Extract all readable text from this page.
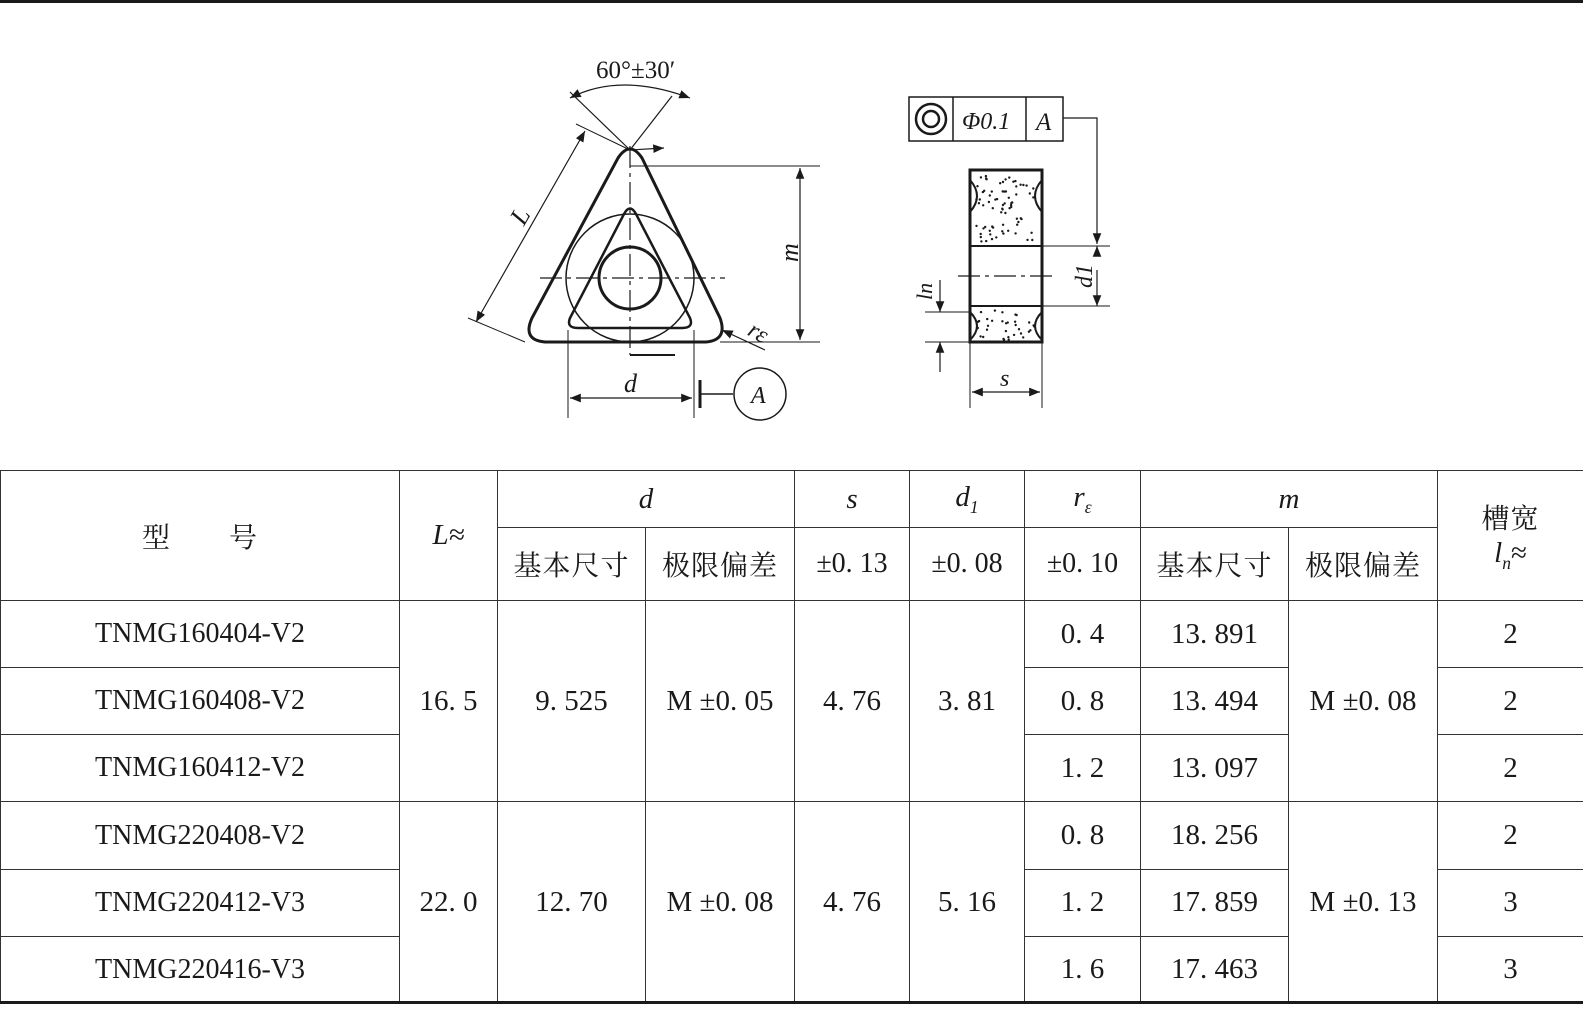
60°±30′
L
m
rε
d	A
Φ0.1 A
d1
ln
s
型　　号	L≈	d		s	$d_1$	$r_\varepsilon$	m		槽宽
$l_n\approx$

		基本尺寸	极限偏差	±0. 13	±0. 08	±0. 10	基本尺寸	极限偏差	
TNMG160404-V2	16. 5	9. 525	M ±0. 05	4. 76	3. 81	0. 4	13. 891	M ±0. 08	2
TNMG160408-V2						0. 8	13. 494		2
TNMG160412-V2						1. 2	13. 097		2
TNMG220408-V2	22. 0	12. 70	M ±0. 08	4. 76	5. 16	0. 8	18. 256	M ±0. 13	2
TNMG220412-V3						1. 2	17. 859		3
TNMG220416-V3						1. 6	17. 463		3
